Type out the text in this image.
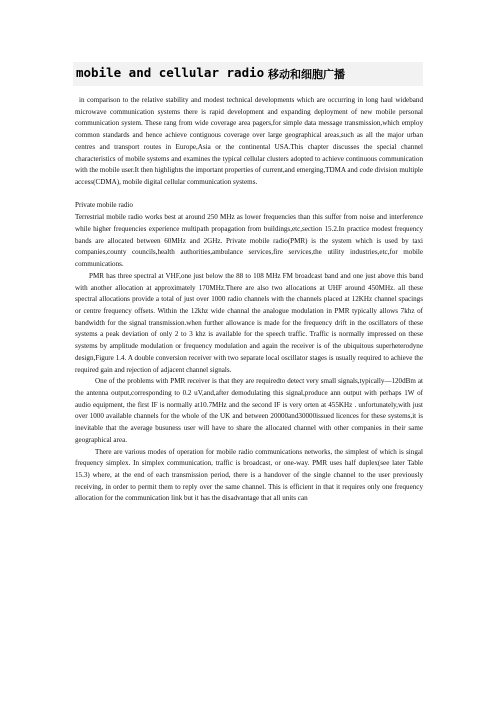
mobile and cellular radio 移动和细胞广播

in comparison to the relative stability and modest technical developments which are occurring in long haul wideband microwave communication systems there is rapid development and expanding deployment of new mobile personal communication system. These rang from wide coverage area pagers,for simple data message transmission,which employ common standards and hence achieve contiguous coverage over large geographical areas,such as all the major urban centres and transport routes in Europe,Asia or the continental USA.This chapter discusses the special channel characteristics of mobile systems and examines the typical cellular clusters adopted to achieve continuous communication with the mobile user.It then highlights the important properties of current,and emerging,TDMA and code division multiple access(CDMA), mobile digital cellular communication systems.

Private mobile radio

Terrestrial mobile radio works best at around 250 MHz as lower frequencies than this suffer from noise and interference while higher frequencies experience multipath propagation from buildings,etc,section 15.2.In practice modest frequency bands are allocated between 60MHz and 2GHz. Private mobile radio(PMR) is the system which is used by taxi companies,county councils,health authorities,ambulance services,fire services,the utility industries,etc,for mobile communications.

PMR has three spectral at VHF,one just below the 88 to 108 MHz FM broadcast band and one just above this band with another allocation at approximately 170MHz.There are also two allocations at UHF around 450MHz. all these spectral allocations provide a total of just over 1000 radio channels with the channels placed at 12KHz channel spacings or centre frequency offsets. Within the 12khz wide channal the analogue modulation in PMR typically allows 7khz of bandwidth for the signal transmission.when further allowance is made for the frequency drift in the oscillators of these systems a peak deviation of only 2 to 3 khz is available for the speech traffic. Traffic is normally impressed on these systems by amplitude modulation or frequency modulation and again the receiver is of the ubiquitous superheterodyne design,Figure 1.4. A double conversion receiver with two separate local oscillator stages is usually required to achieve the required gain and rejection of adjacent channel signals.

One of the problems with PMR receiver is that they are requiredto detect very small signals,typically—120dBm at the antenna output,corresponding to 0.2 uV,and,after demodulating this signal,produce ann output with perhaps 1W of audio equipment, the first IF is normally at10.7MHz and the second IF is very orten at 455KHz . unfortunately,with just over 1000 available channels for the whole of the UK and between 20000and30000issued licences for these systems,it is inevitable that the average busuness user will have to share the allocated channel with other companies in their same geographical area.

There are various modes of operation for mobile radio communications networks, the simplest of which is singal frequency simplex. In simplex communication, traffic is broadcast, or one-way. PMR uses half duplex(see later Table 15.3) where, at the end of each transmission period, there is a handover of the single channel to the user previously receiving, in order to permit them to reply over the same channel. This is efficient in that it requires only one frequency allocation for the communication link but it has the disadvantage that all units can
